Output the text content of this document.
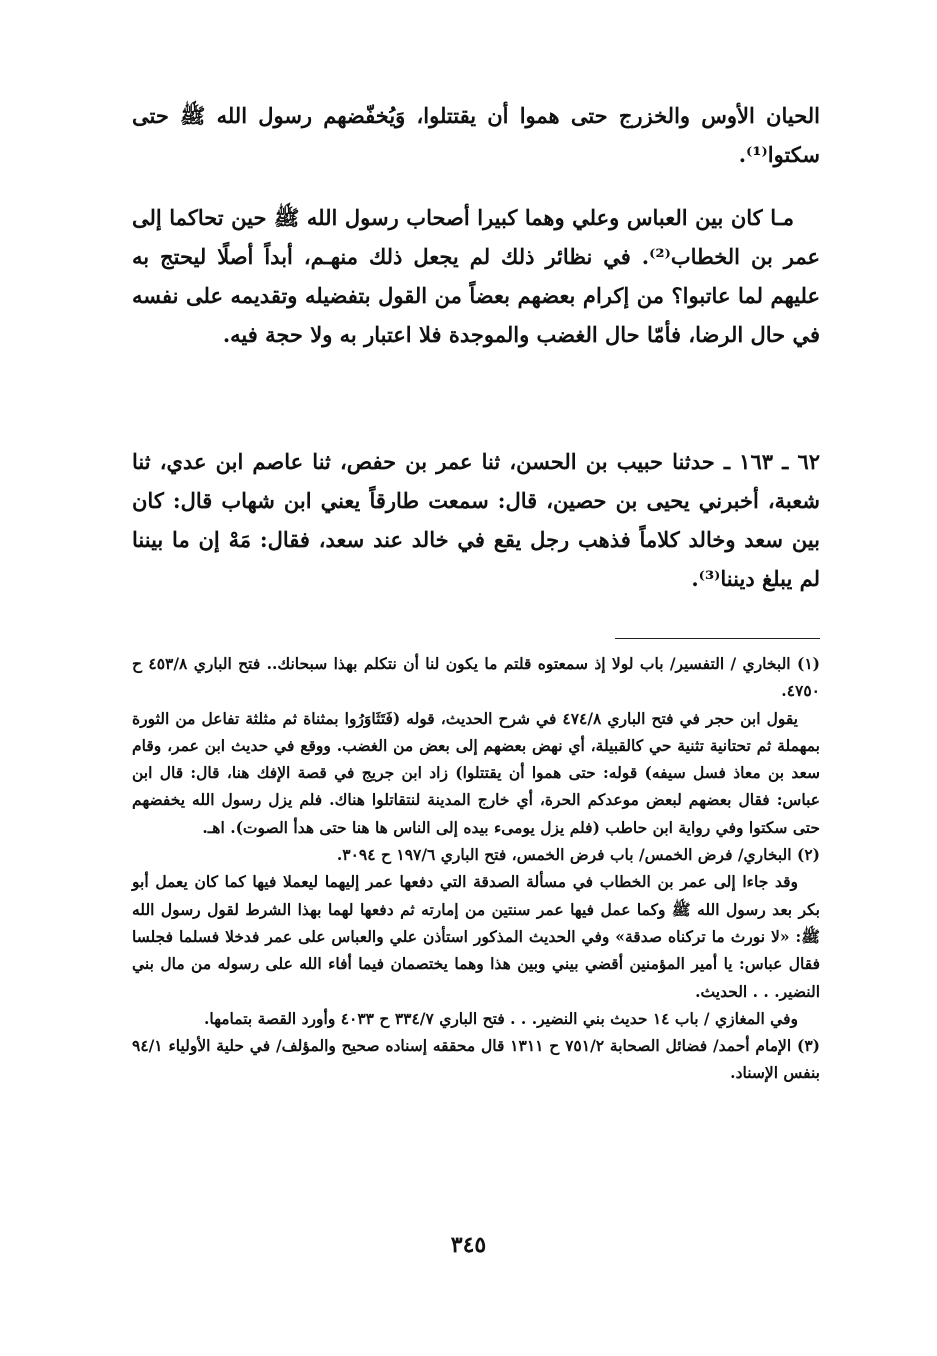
الحيان الأوس والخزرج حتى هموا أن يقتتلوا، وَيُخفّضهم رسول الله ﷺ حتى سكتوا⁽¹⁾.

مـا كان بين العباس وعلي وهما كبيرا أصحاب رسول الله ﷺ حين تحاكما إلى عمر بن الخطاب⁽²⁾. في نظائر ذلك لم يجعل ذلك منهـم، أبداً أصلًا ليحتج به عليهم لما عاتبوا؟ من إكرام بعضهم بعضاً من القول بتفضيله وتقديمه على نفسه في حال الرضا، فأمّا حال الغضب والموجدة فلا اعتبار به ولا حجة فيه.

٦٢ ـ ١٦٣ ـ حدثنا حبيب بن الحسن، ثنا عمر بن حفص، ثنا عاصم ابن عدي، ثنا شعبة، أخبرني يحيى بن حصين، قال: سمعت طارقاً يعني ابن شهاب قال: كان بين سعد وخالد كلاماً فذهب رجل يقع في خالد عند سعد، فقال: مَهْ إن ما بيننا لم يبلغ ديننا⁽³⁾.

(١) البخاري / التفسير/ باب لولا إذ سمعتوه قلتم ما يكون لنا أن نتكلم بهذا سبحانك.. فتح الباري ٤٥٣/٨ ح ٤٧٥٠.

يقول ابن حجر في فتح الباري ٤٧٤/٨ في شرح الحديث، قوله (فَتَثَاوَرُوا بمثناة ثم مثلثة تفاعل من الثورة بمهملة ثم تحتانية تثنية حي كالقبيلة، أي نهض بعضهم إلى بعض من الغضب. ووقع في حديث ابن عمر، وقام سعد بن معاذ فسل سيفه) قوله: حتى هموا أن يقتتلوا) زاد ابن جريج في قصة الإفك هنا، قال: قال ابن عباس: فقال بعضهم لبعض موعدكم الحرة، أي خارج المدينة لنتقاتلوا هناك. فلم يزل رسول الله يخفضهم حتى سكتوا وفي رواية ابن حاطب (فلم يزل يومىء بيده إلى الناس ها هنا حتى هدأ الصوت). اهـ.

(٢) البخاري/ فرض الخمس/ باب فرض الخمس، فتح الباري ١٩٧/٦ ح ٣٠٩٤.

وقد جاءا إلى عمر بن الخطاب في مسألة الصدقة التي دفعها عمر إليهما ليعملا فيها كما كان يعمل أبو بكر بعد رسول الله ﷺ وكما عمل فيها عمر سنتين من إمارته ثم دفعها لهما بهذا الشرط لقول رسول الله ﷺ: «لا نورث ما تركناه صدقة» وفي الحديث المذكور استأذن علي والعباس على عمر فدخلا فسلما فجلسا فقال عباس: يا أمير المؤمنين أقضي بيني وبين هذا وهما يختصمان فيما أفاء الله على رسوله من مال بني النضير. . . الحديث.

وفي المغازي / باب ١٤ حديث بني النضير. . . فتح الباري ٣٣٤/٧ ح ٤٠٣٣ وأورد القصة بتمامها.

(٣) الإمام أحمد/ فضائل الصحابة ٧٥١/٢ ح ١٣١١ قال محققه إسناده صحيح والمؤلف/ في حلية الأولياء ٩٤/١ بنفس الإسناد.

٣٤٥
